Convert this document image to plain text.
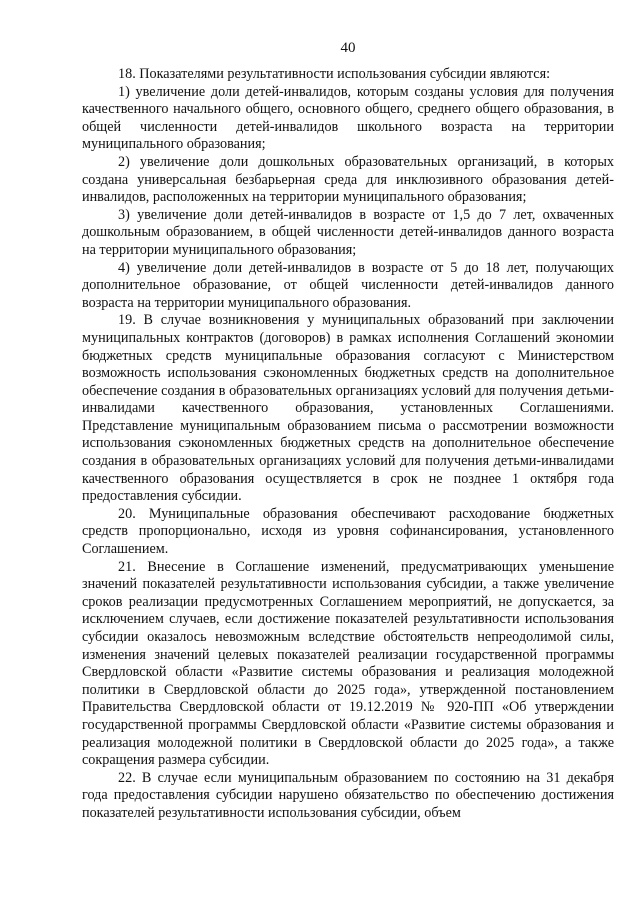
40

18. Показателями результативности использования субсидии являются:

1) увеличение доли детей-инвалидов, которым созданы условия для получения качественного начального общего, основного общего, среднего общего образования, в общей численности детей-инвалидов школьного возраста на территории муниципального образования;

2) увеличение доли дошкольных образовательных организаций, в которых создана универсальная безбарьерная среда для инклюзивного образования детей-инвалидов, расположенных на территории муниципального образования;

3) увеличение доли детей-инвалидов в возрасте от 1,5 до 7 лет, охваченных дошкольным образованием, в общей численности детей-инвалидов данного возраста на территории муниципального образования;

4) увеличение доли детей-инвалидов в возрасте от 5 до 18 лет, получающих дополнительное образование, от общей численности детей-инвалидов данного возраста на территории муниципального образования.

19. В случае возникновения у муниципальных образований при заключении муниципальных контрактов (договоров) в рамках исполнения Соглашений экономии бюджетных средств муниципальные образования согласуют с Министерством возможность использования сэкономленных бюджетных средств на дополнительное обеспечение создания в образовательных организациях условий для получения детьми-инвалидами качественного образования, установленных Соглашениями. Представление муниципальным образованием письма о рассмотрении возможности использования сэкономленных бюджетных средств на дополнительное обеспечение создания в образовательных организациях условий для получения детьми-инвалидами качественного образования осуществляется в срок не позднее 1 октября года предоставления субсидии.

20. Муниципальные образования обеспечивают расходование бюджетных средств пропорционально, исходя из уровня софинансирования, установленного Соглашением.

21. Внесение в Соглашение изменений, предусматривающих уменьшение значений показателей результативности использования субсидии, а также увеличение сроков реализации предусмотренных Соглашением мероприятий, не допускается, за исключением случаев, если достижение показателей результативности использования субсидии оказалось невозможным вследствие обстоятельств непреодолимой силы, изменения значений целевых показателей реализации государственной программы Свердловской области «Развитие системы образования и реализация молодежной политики в Свердловской области до 2025 года», утвержденной постановлением Правительства Свердловской области от 19.12.2019 № 920-ПП «Об утверждении государственной программы Свердловской области «Развитие системы образования и реализация молодежной политики в Свердловской области до 2025 года», а также сокращения размера субсидии.

22. В случае если муниципальным образованием по состоянию на 31 декабря года предоставления субсидии нарушено обязательство по обеспечению достижения показателей результативности использования субсидии, объем
